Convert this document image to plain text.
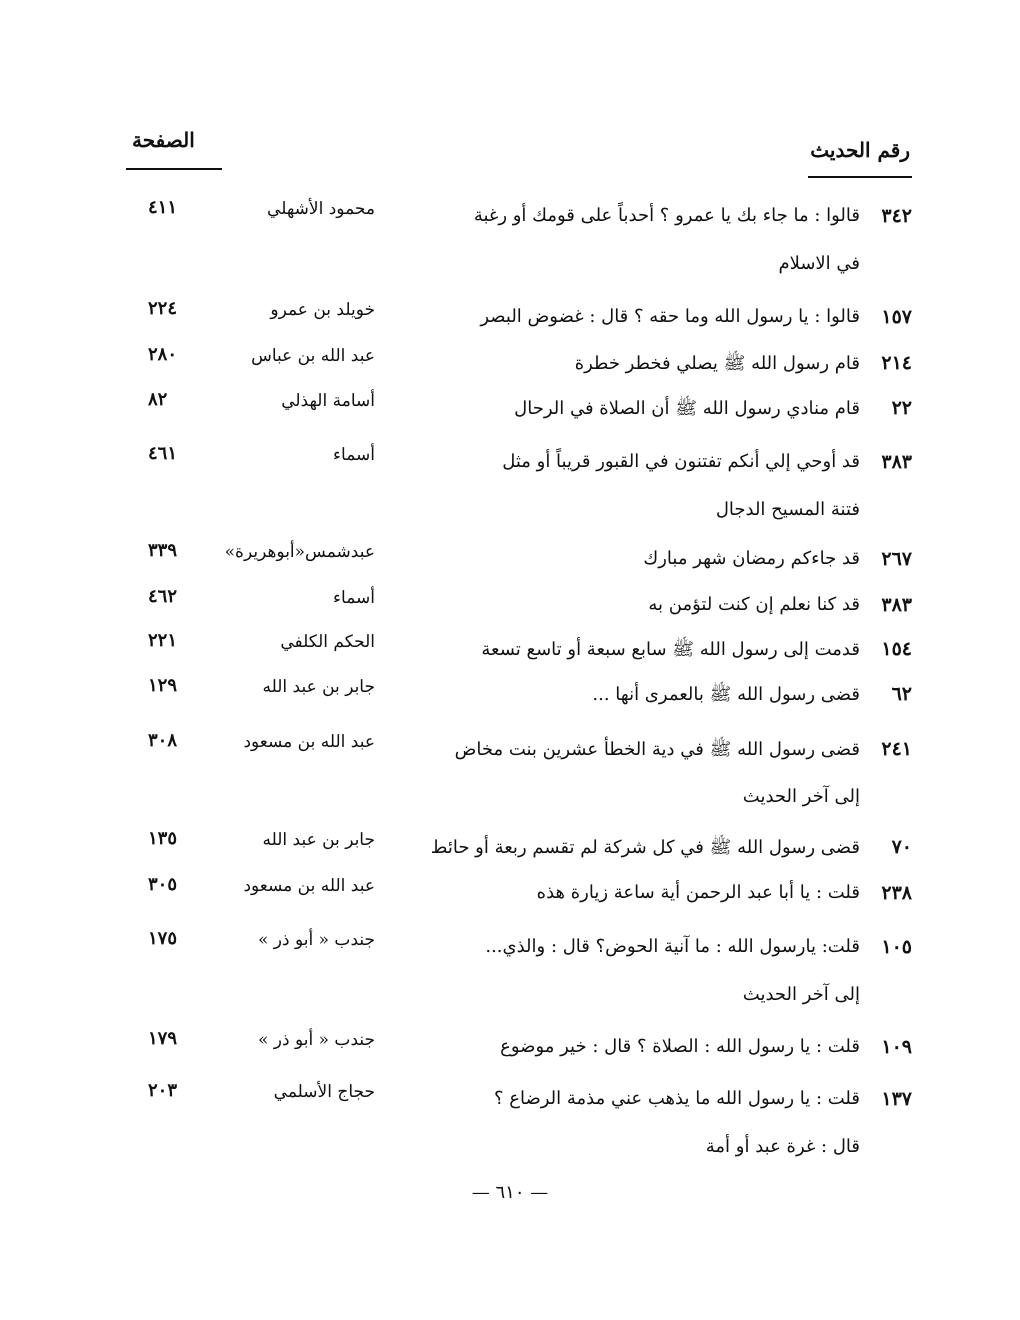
رقم الحديث
الصفحة
٣٤٢
قالوا : ما جاء بك يا عمرو ؟ أحدباً على قومك أو رغبة
في الاسلام
محمود الأشهلي
٤١١
١٥٧
قالوا : يا رسول الله وما حقه ؟ قال : غضوض البصر
خويلد بن عمرو
٢٢٤
٢١٤
قام رسول الله ﷺ يصلي فخطر خطرة
عبد الله بن عباس
٢٨٠
٢٢
قام منادي رسول الله ﷺ أن الصلاة في الرحال
أسامة الهذلي
٨٢
٣٨٣
قد أوحي إلي أنكم تفتنون في القبور قريباً أو مثل
فتنة المسيح الدجال
أسماء
٤٦١
٢٦٧
قد جاءكم رمضان شهر مبارك
عبدشمس«أبوهريرة»
٣٣٩
٣٨٣
قد كنا نعلم إن كنت لتؤمن به
أسماء
٤٦٢
١٥٤
قدمت إلى رسول الله ﷺ سابع سبعة أو تاسع تسعة
الحكم الكلفي
٢٢١
٦٢
قضى رسول الله ﷺ بالعمرى أنها ...
جابر بن عبد الله
١٢٩
٢٤١
قضى رسول الله ﷺ في دية الخطأ عشرين بنت مخاض
إلى آخر الحديث
عبد الله بن مسعود
٣٠٨
٧٠
قضى رسول الله ﷺ في كل شركة لم تقسم ربعة أو حائط
جابر بن عبد الله
١٣٥
٢٣٨
قلت : يا أبا عبد الرحمن أية ساعة زيارة هذه
عبد الله بن مسعود
٣٠٥
١٠٥
قلت: يارسول الله : ما آنية الحوض؟ قال : والذي...
إلى آخر الحديث
جندب « أبو ذر »
١٧٥
١٠٩
قلت : يا رسول الله : الصلاة ؟ قال : خير موضوع
جندب « أبو ذر »
١٧٩
١٣٧
قلت : يا رسول الله ما يذهب عني مذمة الرضاع ؟
قال : غرة عبد أو أمة
حجاج الأسلمي
٢٠٣
— ٦١٠ —
